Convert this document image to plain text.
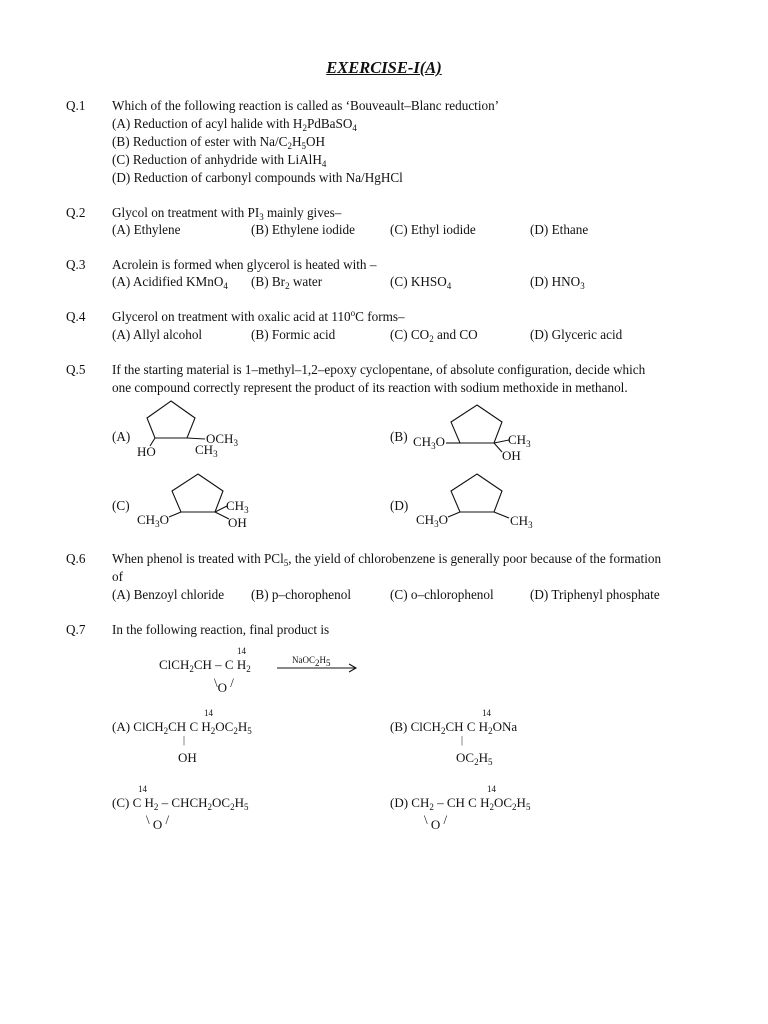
EXERCISE-I(A)
Q.1 Which of the following reaction is called as ‘Bouveault–Blanc reduction’
(A) Reduction of acyl halide with $H_2PdBaSO_4$
(B) Reduction of ester with $Na/C_2H_5OH$
(C) Reduction of anhydride with LiAlH$_4$
(D) Reduction of carbonyl compounds with Na/HgHCl
Q.2 Glycol on treatment with $PI_3$ mainly gives–
(A) Ethylene	(B) Ethylene iodide	(C) Ethyl iodide	(D) Ethane
Q.3 Acrolein is formed when glycerol is heated with –
(A) Acidified KMnO$_4$ (B) $Br_2$ water	(C) $KHSO_4$	(D) $HNO_3$
Q.4 Glycerol on treatment with oxalic acid at 110$^o$C forms–
(A) Allyl alcohol	(B) Formic acid	(C) $CO_2$ and CO	(D) Glyceric acid
Q.5 If the starting material is 1–methyl–1,2–epoxy cyclopentane, of absolute configuration, decide which
one compound correctly represent the product of its reaction with sodium methoxide in methanol.
(A)
HO
$OCH_3$
$CH_3$
(B) $CH_3O$	$CH_3$
OH
(C)
$CH_3O$
$CH_3$
OH
(D)
$CH_3O$	$CH_3$
Q.6 When phenol is treated with PCl$_5$, the yield of chlorobenzene is generally poor because of the formation
of
(A) Benzoyl chloride (B) p–chorophenol	(C) o–chlorophenol	(D) Triphenyl phosphate
Q.7 In the following reaction, final product is
14
ClCH$_2$CH – C $H_2$
\O /
$NaOC_2H_5$
14
(A) ClCH$_2$CH C $H_2OC_2H_5$
|
OH
14
(B) ClCH$_2$CH C $H_2ONa$
|
$OC_2H_5$
14
(C) C $H_2$ – $CHCH_2OC_2H_5$
\ O /
14
(D) $CH_2$ – CH C $H_2OC_2H_5$
\ O /
